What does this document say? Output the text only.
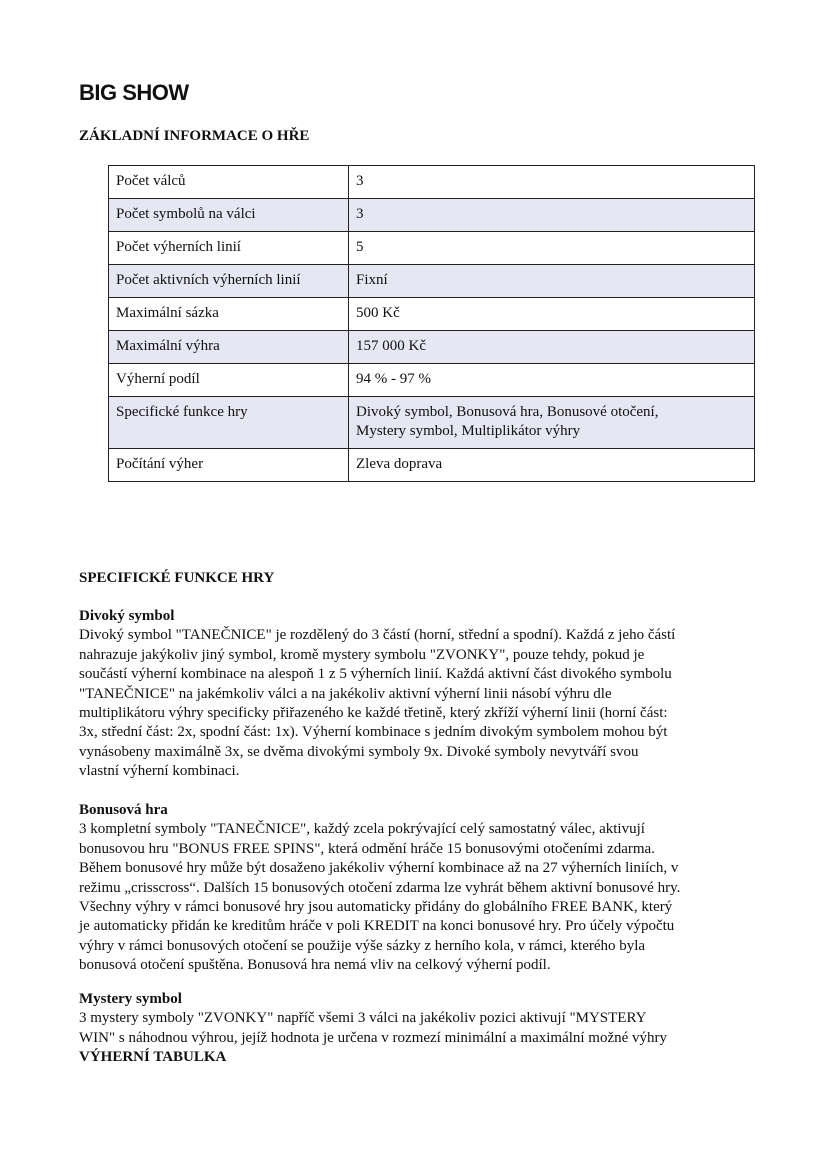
BIG SHOW
ZÁKLADNÍ INFORMACE O HŘE
Počet válců	3

Počet symbolů na válci	3

Počet výherních linií	5

Počet aktivních výherních linií	Fixní

Maximální sázka	500 Kč

Maximální výhra	157 000 Kč

Výherní podíl	94 % - 97 %

Specifické funkce hry	Divoký symbol, Bonusová hra, Bonusové otočení,
Mystery symbol, Multiplikátor výhry

Počítání výher	Zleva doprava
SPECIFICKÉ FUNKCE HRY
Divoký symbol
Divoký symbol "TANEČNICE" je rozdělený do 3 částí (horní, střední a spodní). Každá z jeho částí
nahrazuje jakýkoliv jiný symbol, kromě mystery symbolu "ZVONKY", pouze tehdy, pokud je
součástí výherní kombinace na alespoň 1 z 5 výherních linií. Každá aktivní část divokého symbolu
"TANEČNICE" na jakémkoliv válci a na jakékoliv aktivní výherní linii násobí výhru dle
multiplikátoru výhry specificky přiřazeného ke každé třetině, který zkříží výherní linii (horní část:
3x, střední část: 2x, spodní část: 1x). Výherní kombinace s jedním divokým symbolem mohou být
vynásobeny maximálně 3x, se dvěma divokými symboly 9x. Divoké symboly nevytváří svou
vlastní výherní kombinaci.
Bonusová hra
3 kompletní symboly "TANEČNICE", každý zcela pokrývající celý samostatný válec, aktivují
bonusovou hru "BONUS FREE SPINS", která odmění hráče 15 bonusovými otočeními zdarma.
Během bonusové hry může být dosaženo jakékoliv výherní kombinace až na 27 výherních liniích, v
režimu „crisscross“. Dalších 15 bonusových otočení zdarma lze vyhrát během aktivní bonusové hry.
Všechny výhry v rámci bonusové hry jsou automaticky přidány do globálního FREE BANK, který
je automaticky přidán ke kreditům hráče v poli KREDIT na konci bonusové hry. Pro účely výpočtu
výhry v rámci bonusových otočení se použije výše sázky z herního kola, v rámci, kterého byla
bonusová otočení spuštěna. Bonusová hra nemá vliv na celkový výherní podíl.
Mystery symbol
3 mystery symboly "ZVONKY" napříč všemi 3 válci na jakékoliv pozici aktivují "MYSTERY
WIN" s náhodnou výhrou, jejíž hodnota je určena v rozmezí minimální a maximální možné výhry
VÝHERNÍ TABULKA
